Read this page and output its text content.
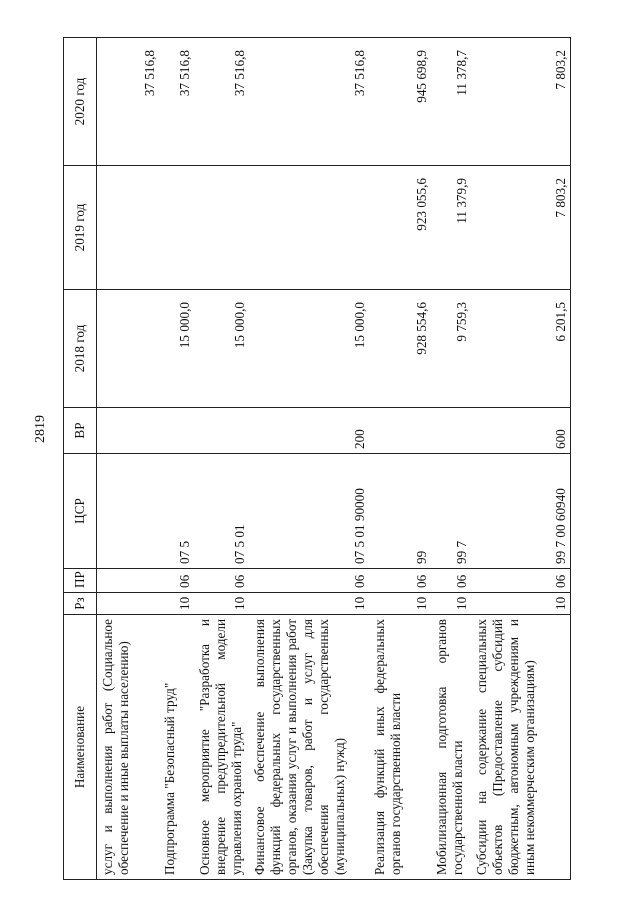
2819
Наименование	Рз	ПР	ЦСР	ВР	2018 год	2019 год	2020 год
услуг и выполнения работ (Социальное обеспечение и иные выплаты населению)							37 516,8
Подпрограмма "Безопасный труд"	10	06	07 5		15 000,0		37 516,8
Основное мероприятие "Разработка и внедрение предупредительной модели управления охраной труда"	10	06	07 5 01		15 000,0		37 516,8
Финансовое обеспечение выполнения функций федеральных государственных органов, оказания услуг и выполнения работ (Закупка товаров, работ и услуг для обеспечения государственных (муниципальных) нужд)	10	06	07 5 01 90000	200	15 000,0		37 516,8
Реализация функций иных федеральных органов государственной власти	10	06	99		928 554,6	923 055,6	945 698,9
Мобилизационная подготовка органов государственной власти	10	06	99 7		9 759,3	11 379,9	11 378,7
Субсидии на содержание специальных объектов (Предоставление субсидий бюджетным, автономным учреждениям и иным некоммерческим организациям)	10	06	99 7 00 60940	600	6 201,5	7 803,2	7 803,2
